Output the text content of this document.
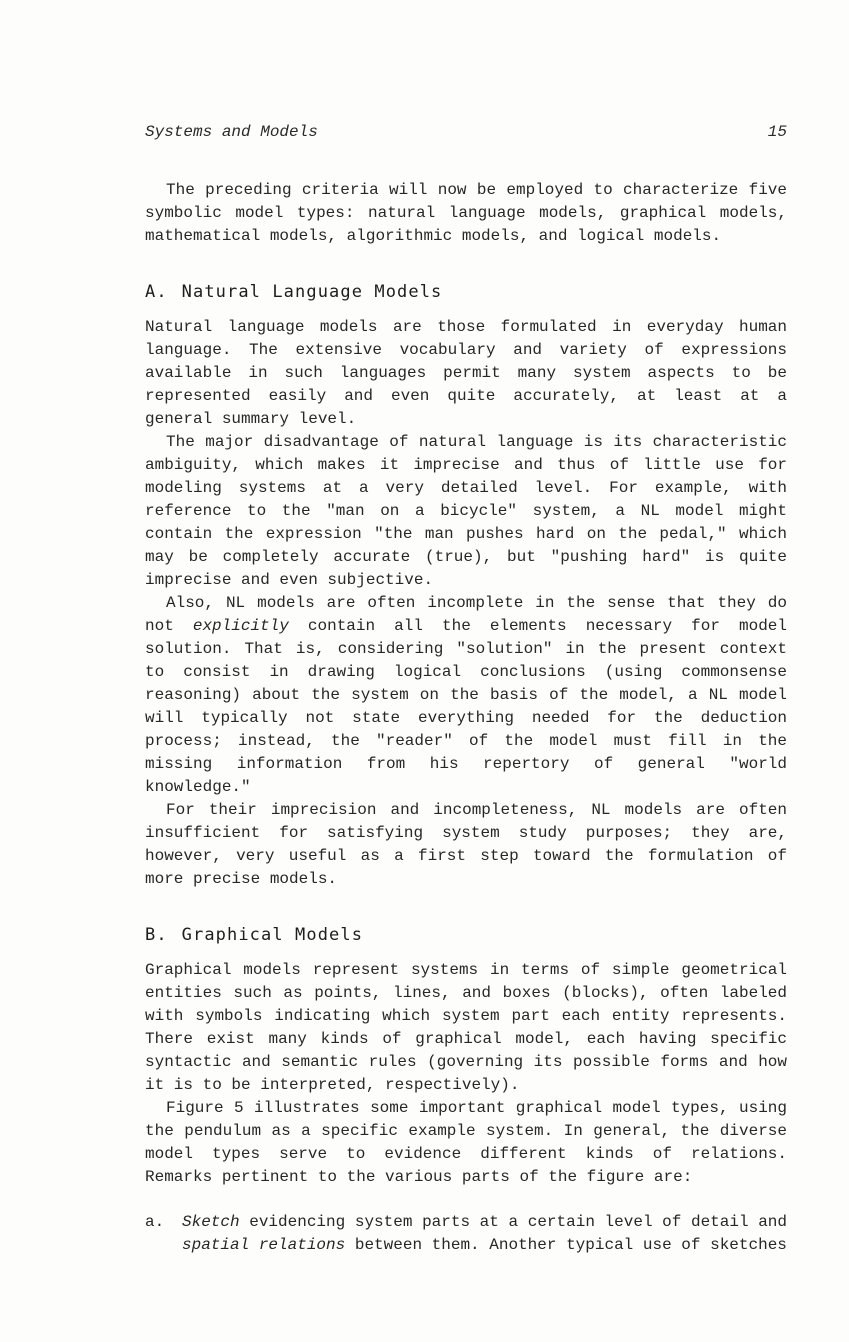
Systems and Models	15

The preceding criteria will now be employed to characterize five symbolic model types: natural language models, graphical models, mathematical models, algorithmic models, and logical models.

A. Natural Language Models

Natural language models are those formulated in everyday human language. The extensive vocabulary and variety of expressions available in such languages permit many system aspects to be represented easily and even quite accurately, at least at a general summary level.

The major disadvantage of natural language is its characteristic ambiguity, which makes it imprecise and thus of little use for modeling systems at a very detailed level. For example, with reference to the "man on a bicycle" system, a NL model might contain the expression "the man pushes hard on the pedal," which may be completely accurate (true), but "pushing hard" is quite imprecise and even subjective.

Also, NL models are often incomplete in the sense that they do not explicitly contain all the elements necessary for model solution. That is, considering "solution" in the present context to consist in drawing logical conclusions (using commonsense reasoning) about the system on the basis of the model, a NL model will typically not state everything needed for the deduction process; instead, the "reader" of the model must fill in the missing information from his repertory of general "world knowledge."

For their imprecision and incompleteness, NL models are often insufficient for satisfying system study purposes; they are, however, very useful as a first step toward the formulation of more precise models.

B. Graphical Models

Graphical models represent systems in terms of simple geometrical entities such as points, lines, and boxes (blocks), often labeled with symbols indicating which system part each entity represents. There exist many kinds of graphical model, each having specific syntactic and semantic rules (governing its possible forms and how it is to be interpreted, respectively).

Figure 5 illustrates some important graphical model types, using the pendulum as a specific example system. In general, the diverse model types serve to evidence different kinds of relations. Remarks pertinent to the various parts of the figure are:

a.	Sketch evidencing system parts at a certain level of detail and spatial relations between them. Another typical use of sketches
